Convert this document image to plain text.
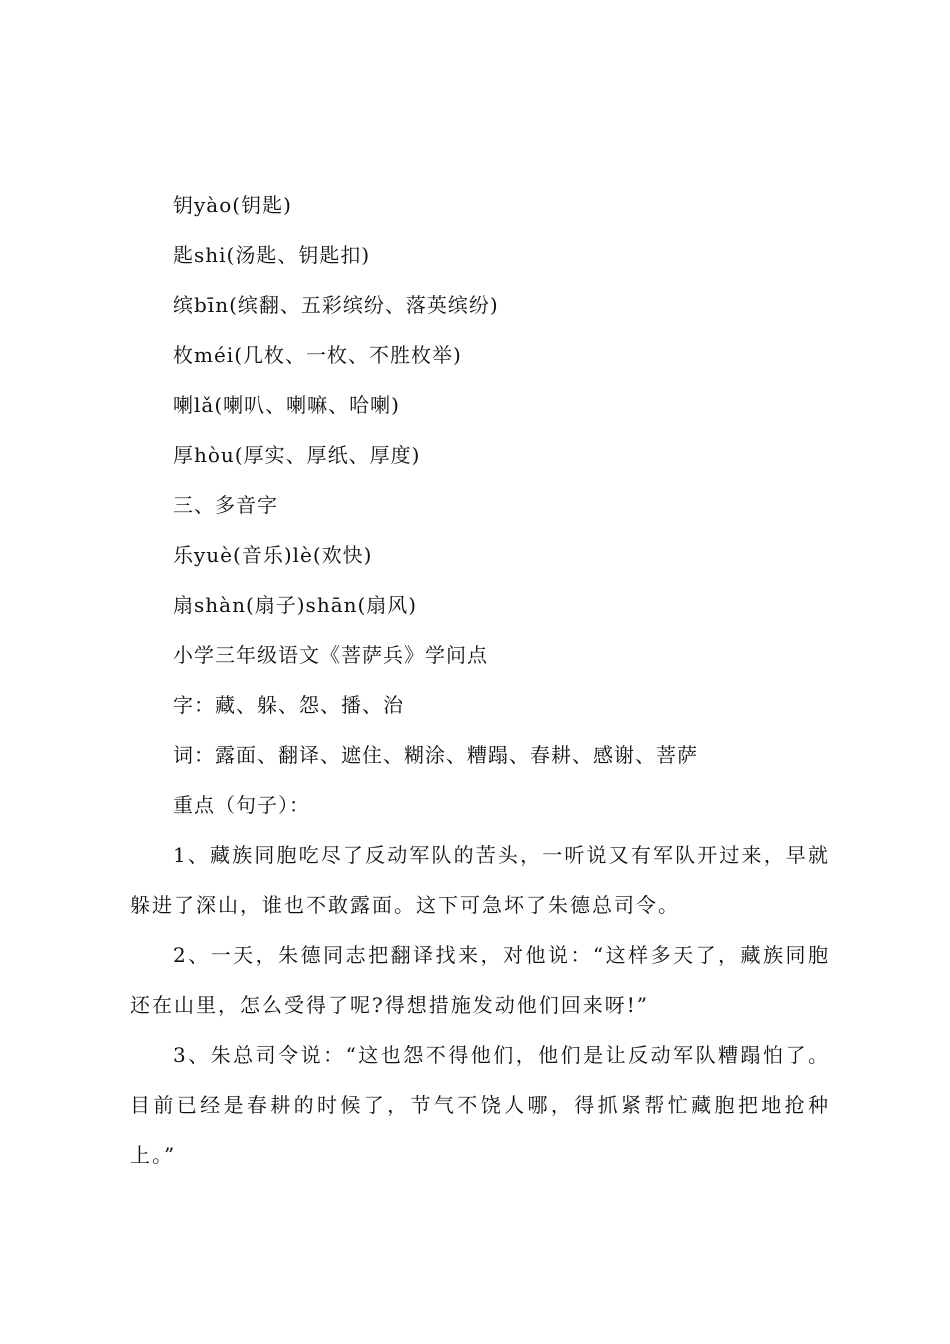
钥yào(钥匙)
匙shi(汤匙、钥匙扣)
缤bīn(缤翻、五彩缤纷、落英缤纷)
枚méi(几枚、一枚、不胜枚举)
喇lǎ(喇叭、喇嘛、哈喇)
厚hòu(厚实、厚纸、厚度)
三、多音字
乐yuè(音乐)lè(欢快)
扇shàn(扇子)shān(扇风)
小学三年级语文《菩萨兵》学问点
字：藏、躲、怨、播、治
词：露面、翻译、遮住、糊涂、糟蹋、春耕、感谢、菩萨
重点（句子）：

1、藏族同胞吃尽了反动军队的苦头，一听说又有军队开过来，早就躲进了深山，谁也不敢露面。这下可急坏了朱德总司令。

2、一天，朱德同志把翻译找来，对他说：“这样多天了，藏族同胞还在山里，怎么受得了呢?得想措施发动他们回来呀!”

3、朱总司令说：“这也怨不得他们，他们是让反动军队糟蹋怕了。目前已经是春耕的时候了，节气不饶人哪，得抓紧帮忙藏胞把地抢种上。”
